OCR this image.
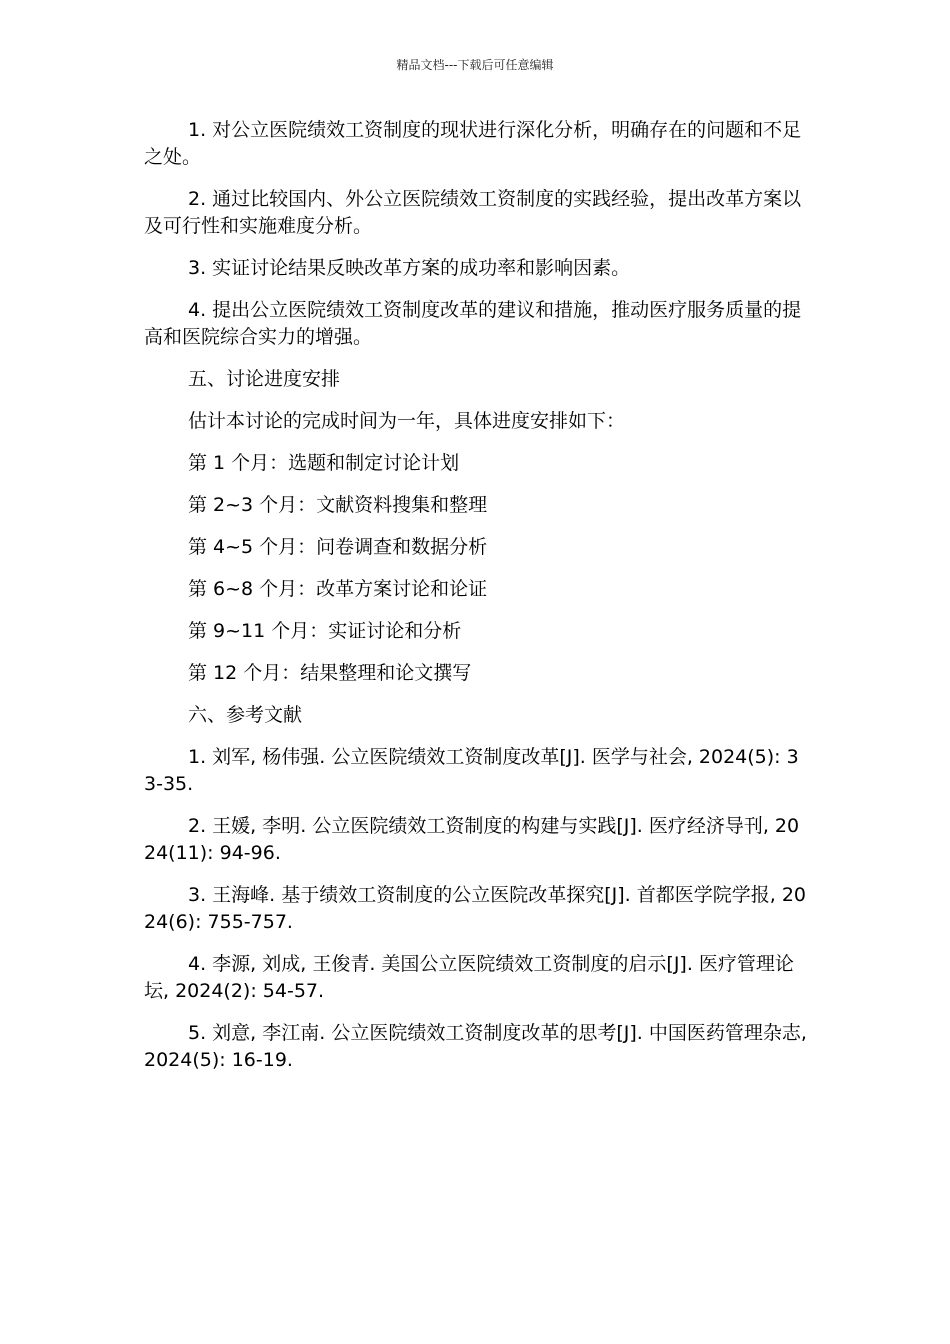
精品文档---下载后可任意编辑

1. 对公立医院绩效工资制度的现状进行深化分析，明确存在的问题和不足之处。

2. 通过比较国内、外公立医院绩效工资制度的实践经验，提出改革方案以及可行性和实施难度分析。

3. 实证讨论结果反映改革方案的成功率和影响因素。

4. 提出公立医院绩效工资制度改革的建议和措施，推动医疗服务质量的提高和医院综合实力的增强。

五、讨论进度安排

估计本讨论的完成时间为一年，具体进度安排如下：

第 1 个月：选题和制定讨论计划

第 2~3 个月：文献资料搜集和整理

第 4~5 个月：问卷调查和数据分析

第 6~8 个月：改革方案讨论和论证

第 9~11 个月：实证讨论和分析

第 12 个月：结果整理和论文撰写

六、参考文献

1. 刘军, 杨伟强. 公立医院绩效工资制度改革[J]. 医学与社会, 2024(5): 33-35.

2. 王媛, 李明. 公立医院绩效工资制度的构建与实践[J]. 医疗经济导刊, 2024(11): 94-96.

3. 王海峰. 基于绩效工资制度的公立医院改革探究[J]. 首都医学院学报, 2024(6): 755-757.

4. 李源, 刘成, 王俊青. 美国公立医院绩效工资制度的启示[J]. 医疗管理论坛, 2024(2): 54-57.

5. 刘意, 李江南. 公立医院绩效工资制度改革的思考[J]. 中国医药管理杂志, 2024(5): 16-19.
